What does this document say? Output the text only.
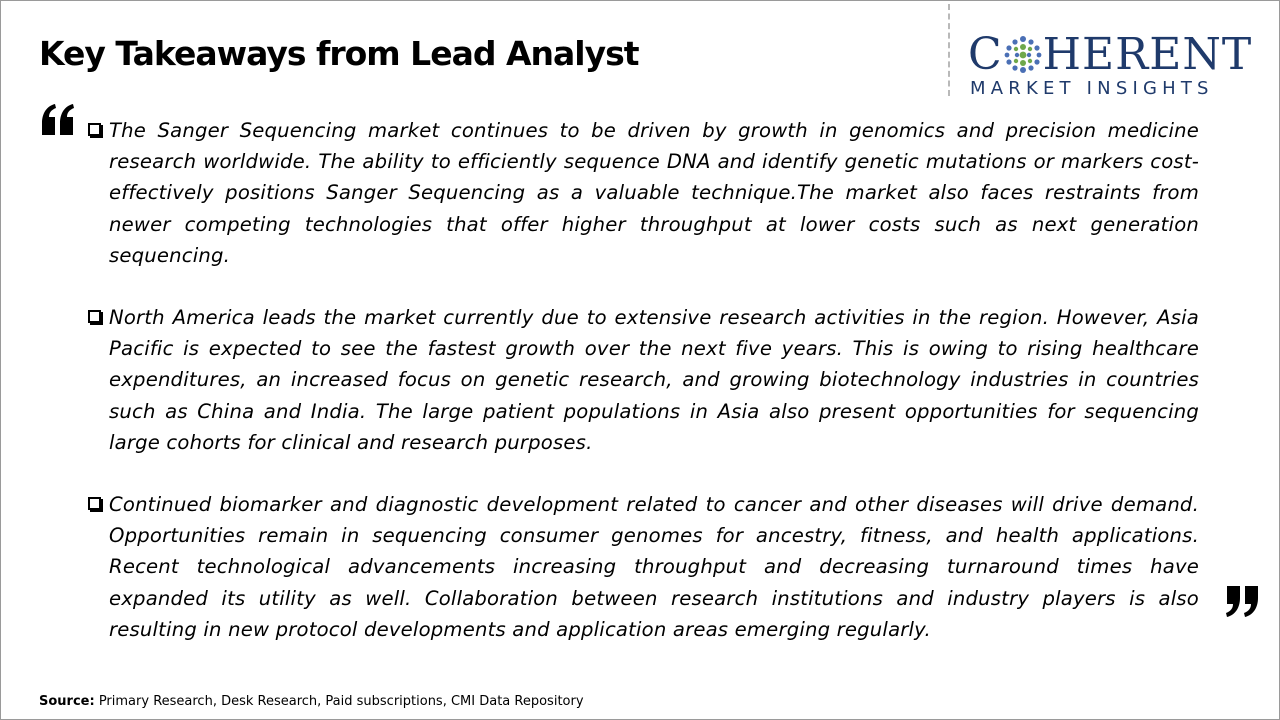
Key Takeaways from Lead Analyst	C HERENT
MARKET INSIGHTS
The Sanger Sequencing market continues to be driven by growth in genomics and precision medicine research worldwide. The ability to efficiently sequence DNA and identify genetic mutations or markers cost-effectively positions Sanger Sequencing as a valuable technique.The market also faces restraints from newer competing technologies that offer higher throughput at lower costs such as next generation sequencing.
North America leads the market currently due to extensive research activities in the region. However, Asia Pacific is expected to see the fastest growth over the next five years. This is owing to rising healthcare expenditures, an increased focus on genetic research, and growing biotechnology industries in countries such as China and India. The large patient populations in Asia also present opportunities for sequencing large cohorts for clinical and research purposes.
Continued biomarker and diagnostic development related to cancer and other diseases will drive demand. Opportunities remain in sequencing consumer genomes for ancestry, fitness, and health applications. Recent technological advancements increasing throughput and decreasing turnaround times have expanded its utility as well. Collaboration between research institutions and industry players is also resulting in new protocol developments and application areas emerging regularly.
Source: Primary Research, Desk Research, Paid subscriptions, CMI Data Repository
